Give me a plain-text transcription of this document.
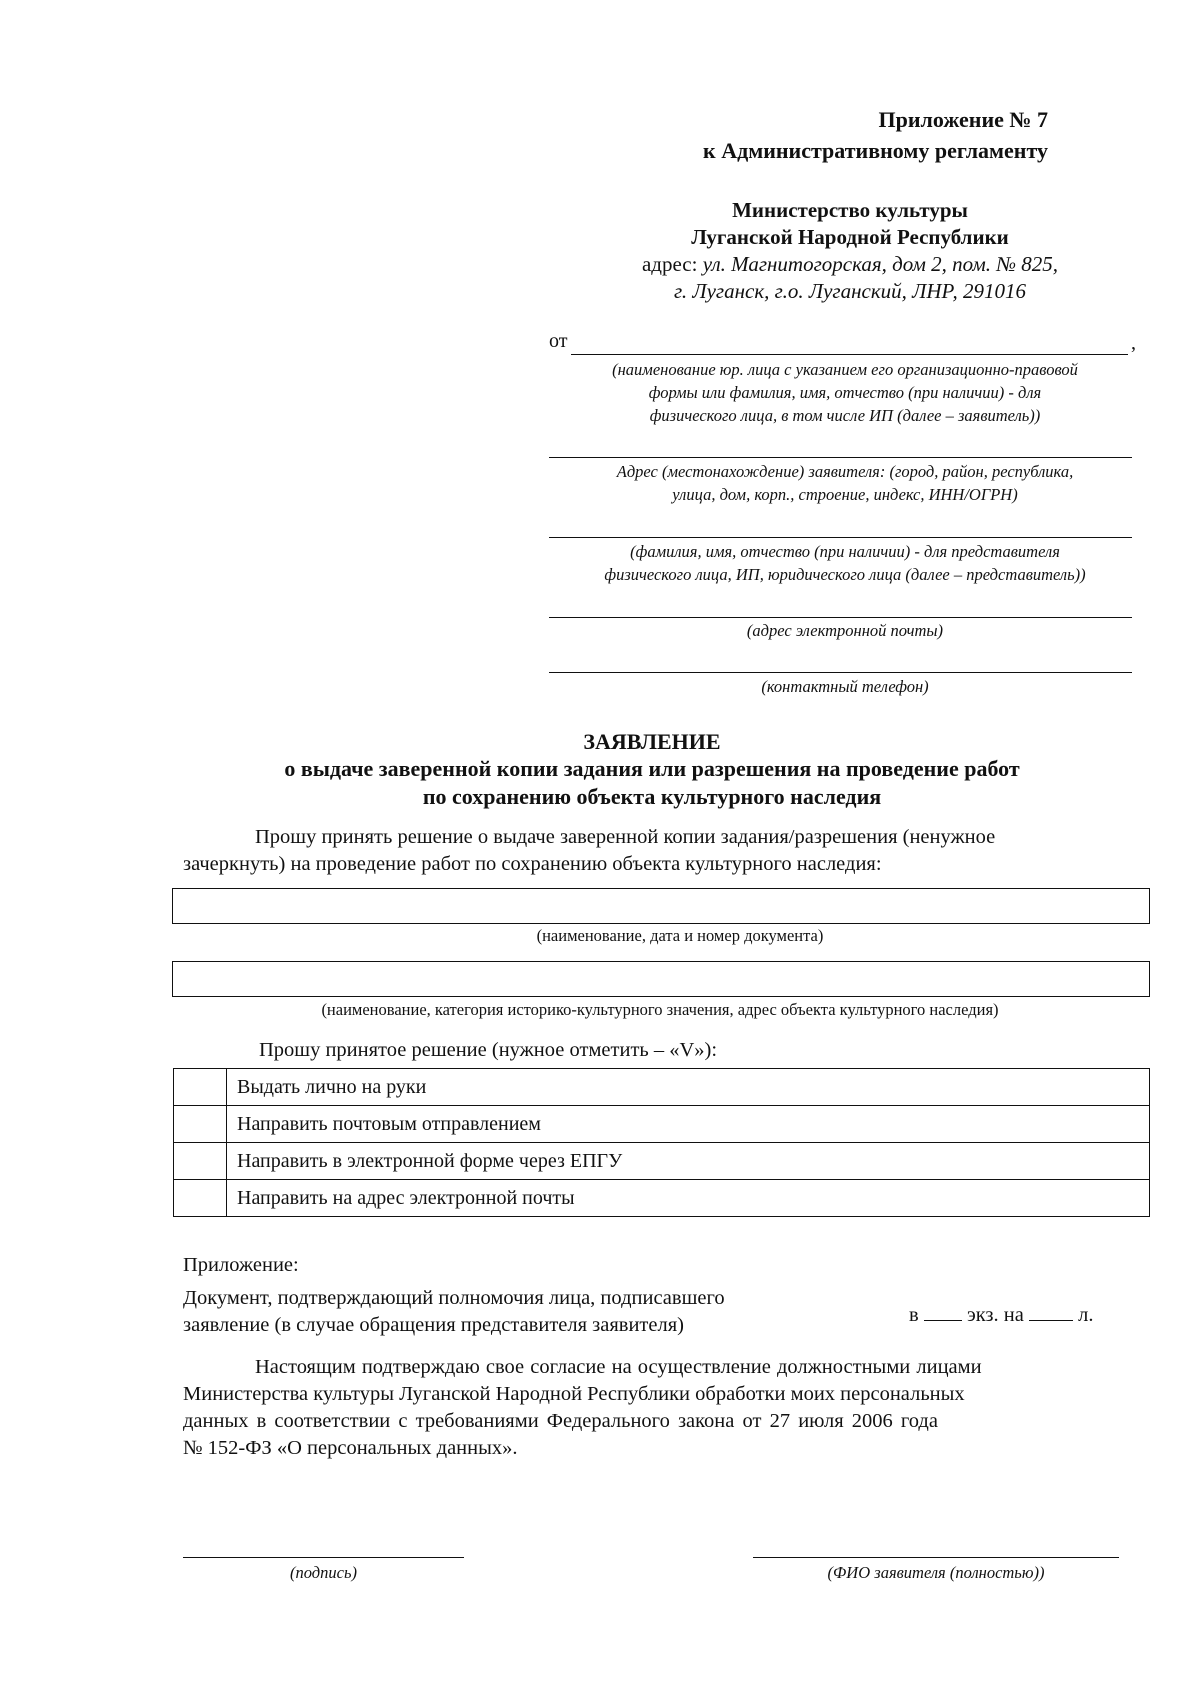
Приложение № 7
к Административному регламенту
Министерство культуры
Луганской Народной Республики
адрес: ул. Магнитогорская, дом 2, пом. № 825,
г. Луганск, г.о. Луганский, ЛНР, 291016
от	,
(наименование юр. лица с указанием его организационно-правовой
формы или фамилия, имя, отчество (при наличии) - для
физического лица, в том числе ИП (далее – заявитель))
Адрес (местонахождение) заявителя: (город, район, республика,
улица, дом, корп., строение, индекс, ИНН/ОГРН)
(фамилия, имя, отчество (при наличии) - для представителя
физического лица, ИП, юридического лица (далее – представитель))
(адрес электронной почты)
(контактный телефон)
ЗАЯВЛЕНИЕ
о выдаче заверенной копии задания или разрешения на проведение работ
по сохранению объекта культурного наследия
Прошу принять решение о выдаче заверенной копии задания/разрешения (ненужное
зачеркнуть) на проведение работ по сохранению объекта культурного наследия:
(наименование, дата и номер документа)
(наименование, категория историко-культурного значения, адрес объекта культурного наследия)
Прошу принятое решение (нужное отметить – «V»):
	Выдать лично на руки
	Направить почтовым отправлением
	Направить в электронной форме через ЕПГУ
	Направить на адрес электронной почты
Приложение:
Документ, подтверждающий полномочия лица, подписавшего
заявление (в случае обращения представителя заявителя)	в экз. на	л.
Настоящим подтверждаю свое согласие на осуществление должностными лицами
Министерства культуры Луганской Народной Республики обработки моих персональных
данных в соответствии с требованиями Федерального закона от 27 июля 2006 года
№ 152-ФЗ «О персональных данных».
(подпись)	(ФИО заявителя (полностью))
